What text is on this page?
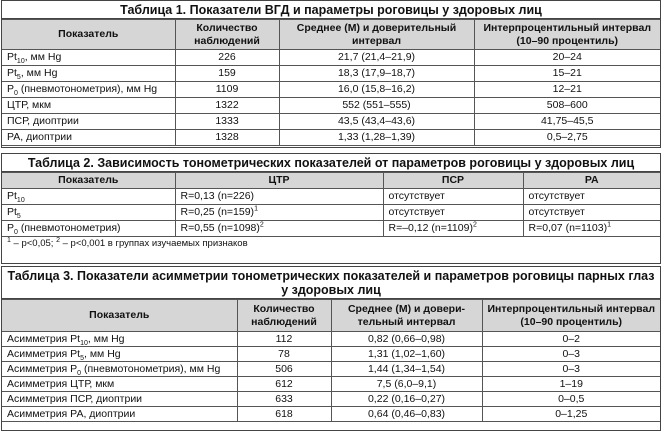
Таблица 1. Показатели ВГД и параметры роговицы у здоровых лиц
Показатель	Количество наблюдений	Среднее (М) и доверительный интервал	Интерпроцентильный интервал (10–90 процентиль)
$Pt_{10}$, мм Hg	226	21,7 (21,4–21,9)	20–24
$Pt_5$, мм Hg	159	18,3 (17,9–18,7)	15–21
$P_0$ (пневмотонометрия), мм Hg	1109	16,0 (15,8–16,2)	12–21
ЦТР, мкм	1322	552 (551–555)	508–600
ПСР, диоптрии	1333	43,5 (43,4–43,6)	41,75–45,5
РА, диоптрии	1328	1,33 (1,28–1,39)	0,5–2,75
Таблица 2. Зависимость тонометрических показателей от параметров роговицы у здоровых лиц
Показатель	ЦТР	ПСР	РА
$Pt_{10}$	R=0,13 (n=226)	отсутствует	отсутствует
$Pt_5$	R=0,25 (n=159)$^1$	отсутствует	отсутствует
$P_0$ (пневмотонометрия)	R=0,55 (n=1098)$^2$	R=–0,12 (n=1109)$^2$	R=0,07 (n=1103)$^1$
$^1$ – p<0,05; $^2$ – p<0,001 в группах изучаемых признаков			
Таблица 3. Показатели асимметрии тонометрических показателей и параметров роговицы парных глаз у здоровых лиц
Показатель	Количество наблюдений	Среднее (М) и довери-тельный интервал	Интерпроцентильный интервал (10–90 процентиль)
Асимметрия $Pt_{10}$, мм Hg	112	0,82 (0,66–0,98)	0–2
Асимметрия $Pt_5$, мм Hg	78	1,31 (1,02–1,60)	0–3
Асимметрия $P_0$ (пневмотонометрия), мм Hg	506	1,44 (1,34–1,54)	0–3
Асимметрия ЦТР, мкм	612	7,5 (6,0–9,1)	1–19
Асимметрия ПСР, диоптрии	633	0,22 (0,16–0,27)	0–0,5
Асимметрия РА, диоптрии	618	0,64 (0,46–0,83)	0–1,25
